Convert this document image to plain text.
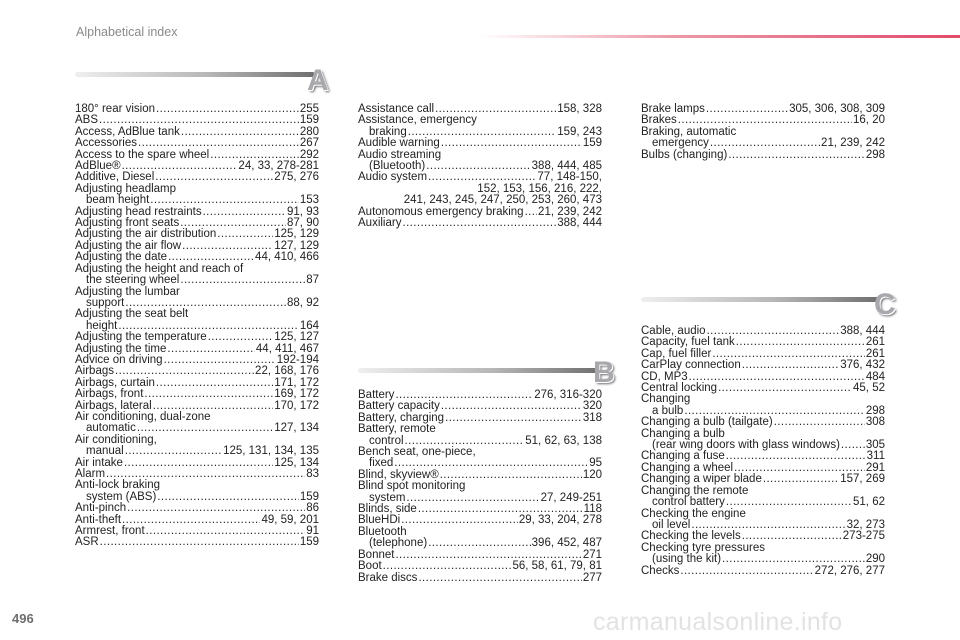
Alphabetical index
A
180° rear vision .....	255
ABS .....	159
Access, AdBlue tank .....	280
Accessories .....	267
Access to the spare wheel .....	292
AdBlue® .....	24, 33, 278-281
Additive, Diesel .....	275, 276
Adjusting headlamp
beam height .....	153
Adjusting head restraints .....	91, 93
Adjusting front seats .....	87, 90
Adjusting the air distribution .....	125, 129
Adjusting the air flow .....	127, 129
Adjusting the date .....	44, 410, 466
Adjusting the height and reach of
the steering wheel .....	87
Adjusting the lumbar
support .....	88, 92
Adjusting the seat belt
height .....	164
Adjusting the temperature .....	125, 127
Adjusting the time .....	44, 411, 467
Advice on driving .....	192-194
Airbags .....	22, 168, 176
Airbags, curtain .....	171, 172
Airbags, front .....	169, 172
Airbags, lateral .....	170, 172
Air conditioning, dual-zone
automatic .....	127, 134
Air conditioning,
manual .....	125, 131, 134, 135
Air intake .....	125, 134
Alarm .....	83
Anti-lock braking
system (ABS) .....	159
Anti-pinch .....	86
Anti-theft .....	49, 59, 201
Armrest, front .....	91
ASR .....	159
Assistance call .....	158, 328
Assistance, emergency
braking .....	159, 243
Audible warning .....	159
Audio streaming
(Bluetooth) .....	388, 444, 485
Audio system .....	77, 148-150,
152, 153, 156, 216, 222,
241, 243, 245, 247, 250, 253, 260, 473
Autonomous emergency braking ..... 21, 239, 242
Auxiliary .....	388, 444
Brake lamps .....	305, 306, 308, 309
Brakes .....	16, 20
Braking, automatic
emergency .....	21, 239, 242
Bulbs (changing) .....	298
B
Battery .....	276, 316-320
Battery capacity .....	320
Battery, charging .....	318
Battery, remote
control .....	51, 62, 63, 138
Bench seat, one-piece,
fixed .....	95
Blind, skyview® .....	120
Blind spot monitoring
system .....	27, 249-251
Blinds, side .....	118
BlueHDi .....	29, 33, 204, 278
Bluetooth
(telephone) .....	396, 452, 487
Bonnet .....	271
Boot .....	56, 58, 61, 79, 81
Brake discs .....	277
C
Cable, audio .....	388, 444
Capacity, fuel tank .....	261
Cap, fuel filler .....	261
CarPlay connection .....	376, 432
CD, MP3 .....	484
Central locking .....	45, 52
Changing
a bulb .....	298
Changing a bulb (tailgate) .....	308
Changing a bulb
(rear wing doors with glass windows) ..... 305
Changing a fuse .....	311
Changing a wheel .....	291
Changing a wiper blade .....	157, 269
Changing the remote
control battery .....	51, 62
Checking the engine
oil level .....	32, 273
Checking the levels .....	273-275
Checking tyre pressures
(using the kit) .....	290
Checks .....	272, 276, 277
496	carmanualsonline.info
